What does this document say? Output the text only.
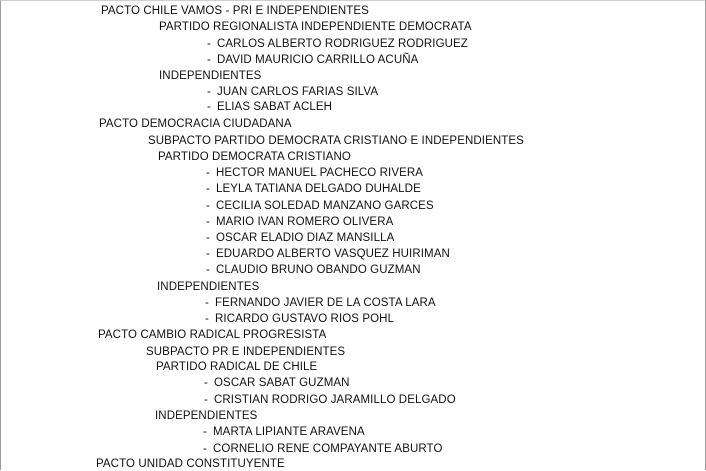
PACTO CHILE VAMOS - PRI E INDEPENDIENTES
PARTIDO REGIONALISTA INDEPENDIENTE DEMOCRATA
- CARLOS ALBERTO RODRIGUEZ RODRIGUEZ
- DAVID MAURICIO CARRILLO ACUÑA
INDEPENDIENTES
- JUAN CARLOS FARIAS SILVA
- ELIAS SABAT ACLEH
PACTO DEMOCRACIA CIUDADANA
SUBPACTO PARTIDO DEMOCRATA CRISTIANO E INDEPENDIENTES
PARTIDO DEMOCRATA CRISTIANO
- HECTOR MANUEL PACHECO RIVERA
- LEYLA TATIANA DELGADO DUHALDE
- CECILIA SOLEDAD MANZANO GARCES
- MARIO IVAN ROMERO OLIVERA
- OSCAR ELADIO DIAZ MANSILLA
- EDUARDO ALBERTO VASQUEZ HUIRIMAN
- CLAUDIO BRUNO OBANDO GUZMAN
INDEPENDIENTES
- FERNANDO JAVIER DE LA COSTA LARA
- RICARDO GUSTAVO RIOS POHL
PACTO CAMBIO RADICAL PROGRESISTA
SUBPACTO PR E INDEPENDIENTES
PARTIDO RADICAL DE CHILE
- OSCAR SABAT GUZMAN
- CRISTIAN RODRIGO JARAMILLO DELGADO
INDEPENDIENTES
- MARTA LIPIANTE ARAVENA
- CORNELIO RENE COMPAYANTE ABURTO
PACTO UNIDAD CONSTITUYENTE
